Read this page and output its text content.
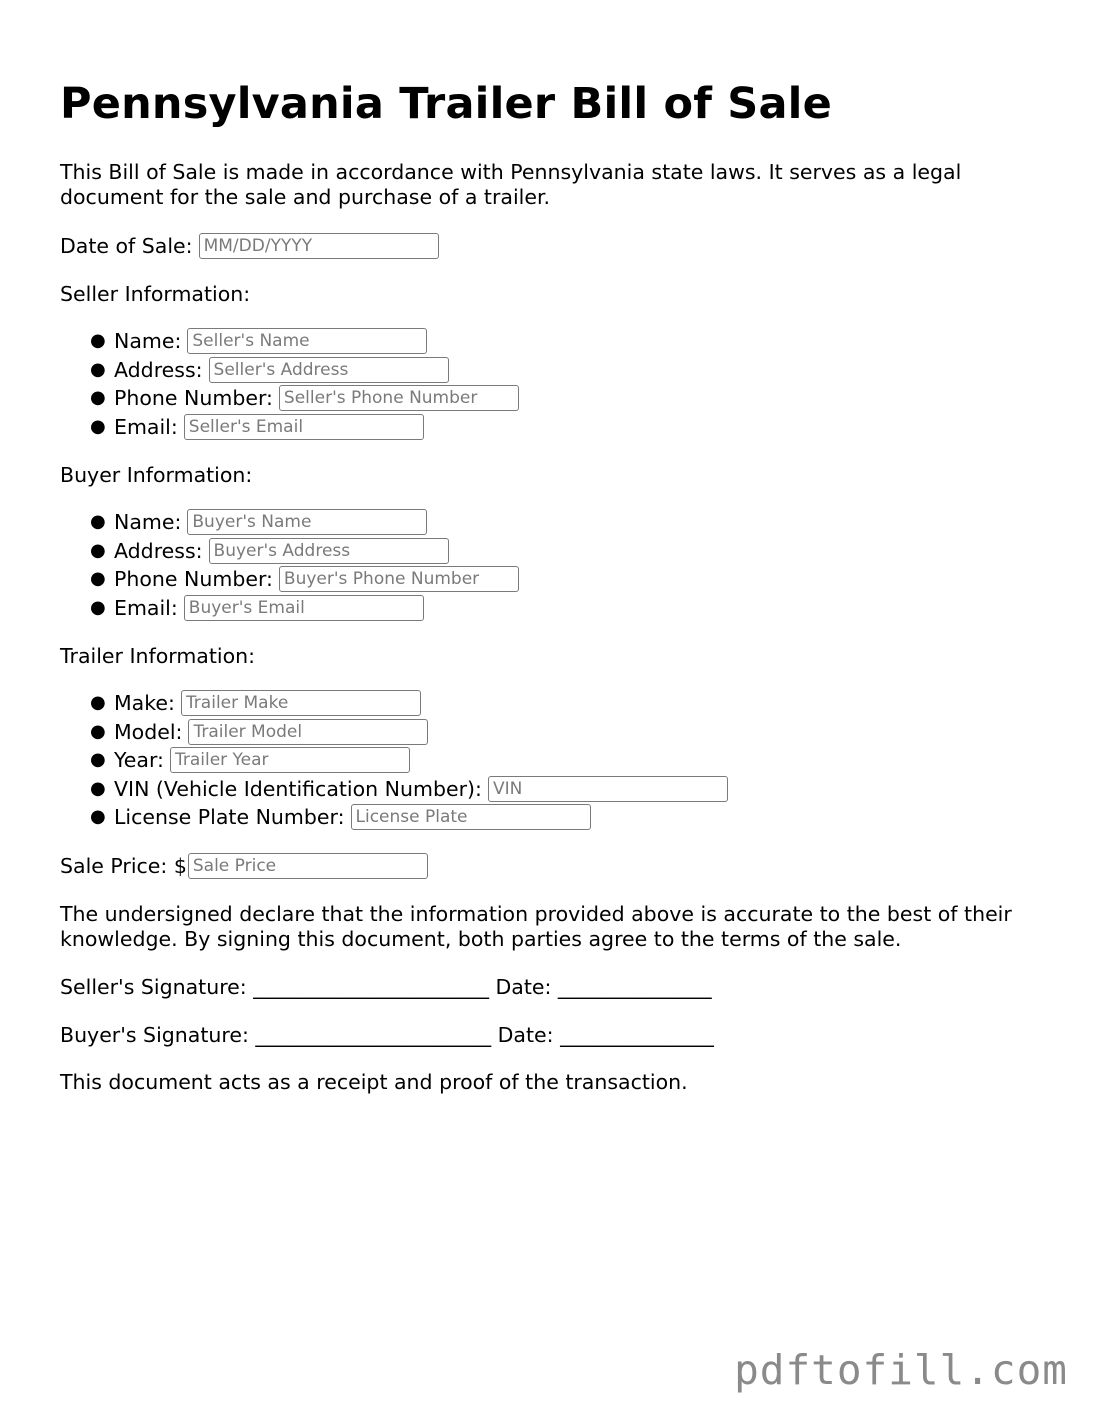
Pennsylvania Trailer Bill of Sale

This Bill of Sale is made in accordance with Pennsylvania state laws. It serves as a legal document for the sale and purchase of a trailer.

Date of Sale:
MM/DD/YYYY
Seller Information:
● Name:
Seller's Name
● Address:
Seller's Address
● Phone Number:
Seller's Phone Number
● Email:
Seller's Email
Buyer Information:
● Name:
Buyer's Name
● Address:
Buyer's Address
● Phone Number:
Buyer's Phone Number
● Email:
Buyer's Email
Trailer Information:
● Make:
Trailer Make
● Model:
Trailer Model
● Year:
Trailer Year
● VIN (Vehicle Identification Number):
VIN
● License Plate Number:
License Plate
Sale Price: $
Sale Price

The undersigned declare that the information provided above is accurate to the best of their knowledge. By signing this document, both parties agree to the terms of the sale.

Seller's Signature: _______________________ Date: _______________
Buyer's Signature: _______________________ Date: _______________

This document acts as a receipt and proof of the transaction.

pdftofill.com
